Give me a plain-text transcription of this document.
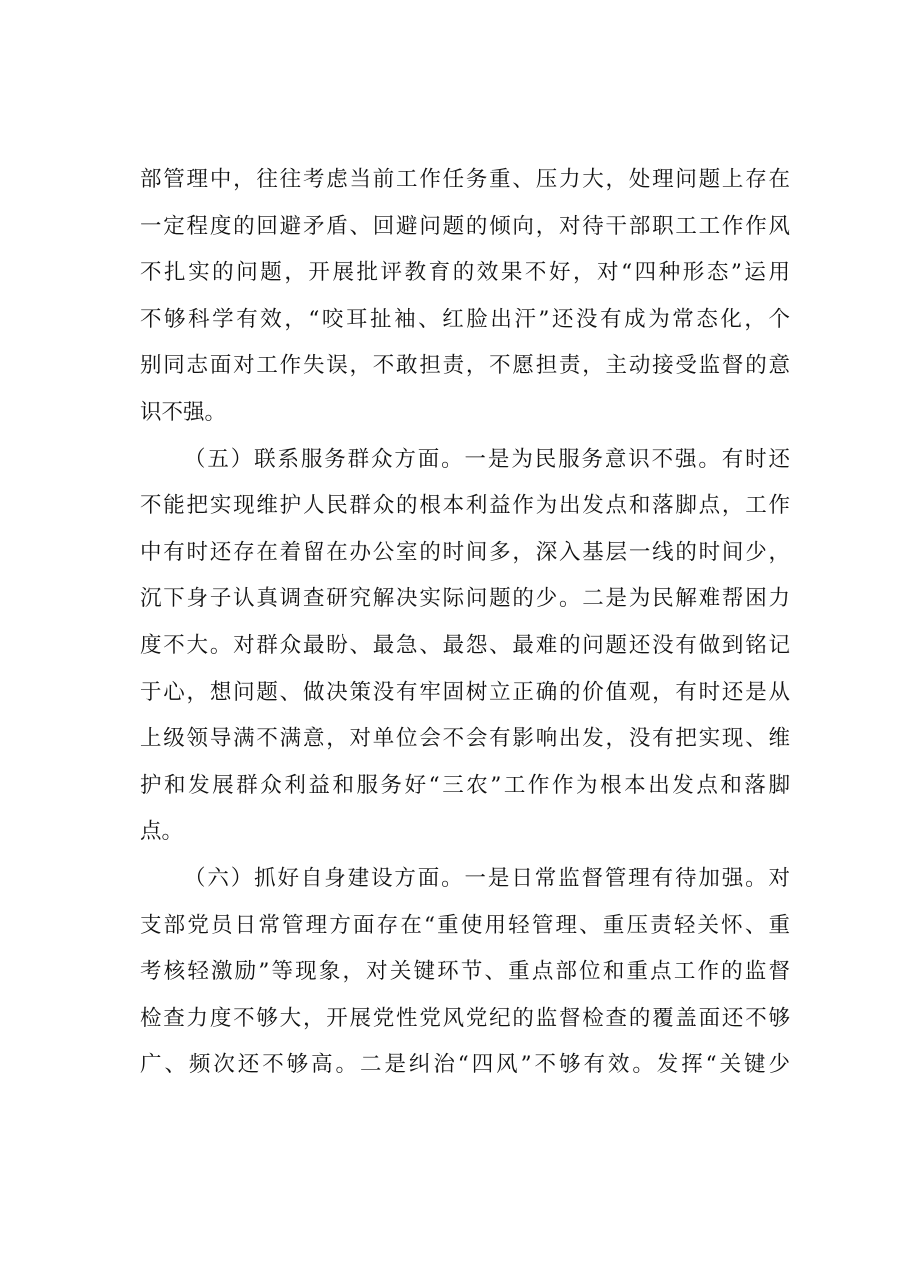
部管理中，往往考虑当前工作任务重、压力大，处理问题上存在
一定程度的回避矛盾、回避问题的倾向，对待干部职工工作作风
不扎实的问题，开展批评教育的效果不好，对“四种形态”运用
不够科学有效，“咬耳扯袖、红脸出汗”还没有成为常态化，个
别同志面对工作失误，不敢担责，不愿担责，主动接受监督的意
识不强。
（五）联系服务群众方面。一是为民服务意识不强。有时还
不能把实现维护人民群众的根本利益作为出发点和落脚点，工作
中有时还存在着留在办公室的时间多，深入基层一线的时间少，
沉下身子认真调查研究解决实际问题的少。二是为民解难帮困力
度不大。对群众最盼、最急、最怨、最难的问题还没有做到铭记
于心，想问题、做决策没有牢固树立正确的价值观，有时还是从
上级领导满不满意，对单位会不会有影响出发，没有把实现、维
护和发展群众利益和服务好“三农”工作作为根本出发点和落脚
点。
（六）抓好自身建设方面。一是日常监督管理有待加强。对
支部党员日常管理方面存在“重使用轻管理、重压责轻关怀、重
考核轻激励”等现象，对关键环节、重点部位和重点工作的监督
检查力度不够大，开展党性党风党纪的监督检查的覆盖面还不够
广、频次还不够高。二是纠治“四风”不够有效。发挥“关键少
